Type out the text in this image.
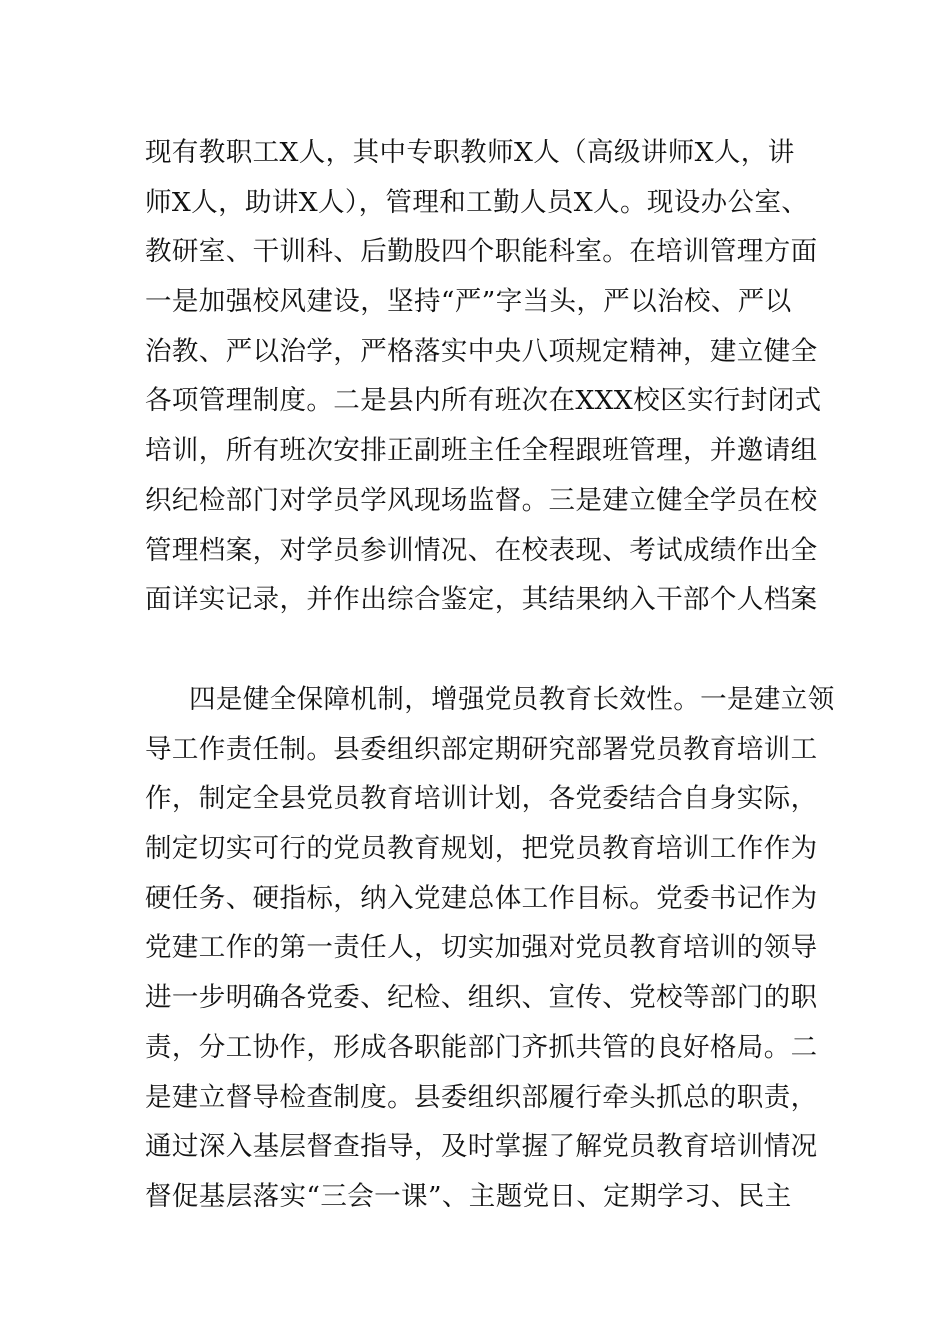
现有教职工X人，其中专职教师X人（高级讲师X人，讲
师X人，助讲X人），管理和工勤人员X人。现设办公室、
教研室、干训科、后勤股四个职能科室。在培训管理方面
一是加强校风建设，坚持“严”字当头，严以治校、严以
治教、严以治学，严格落实中央八项规定精神，建立健全
各项管理制度。二是县内所有班次在XXX校区实行封闭式
培训，所有班次安排正副班主任全程跟班管理，并邀请组
织纪检部门对学员学风现场监督。三是建立健全学员在校
管理档案，对学员参训情况、在校表现、考试成绩作出全
面详实记录，并作出综合鉴定，其结果纳入干部个人档案
四是健全保障机制，增强党员教育长效性。一是建立领
导工作责任制。县委组织部定期研究部署党员教育培训工
作，制定全县党员教育培训计划，各党委结合自身实际，
制定切实可行的党员教育规划，把党员教育培训工作作为
硬任务、硬指标，纳入党建总体工作目标。党委书记作为
党建工作的第一责任人，切实加强对党员教育培训的领导
进一步明确各党委、纪检、组织、宣传、党校等部门的职
责，分工协作，形成各职能部门齐抓共管的良好格局。二
是建立督导检查制度。县委组织部履行牵头抓总的职责，
通过深入基层督查指导，及时掌握了解党员教育培训情况
督促基层落实“三会一课”、主题党日、定期学习、民主
